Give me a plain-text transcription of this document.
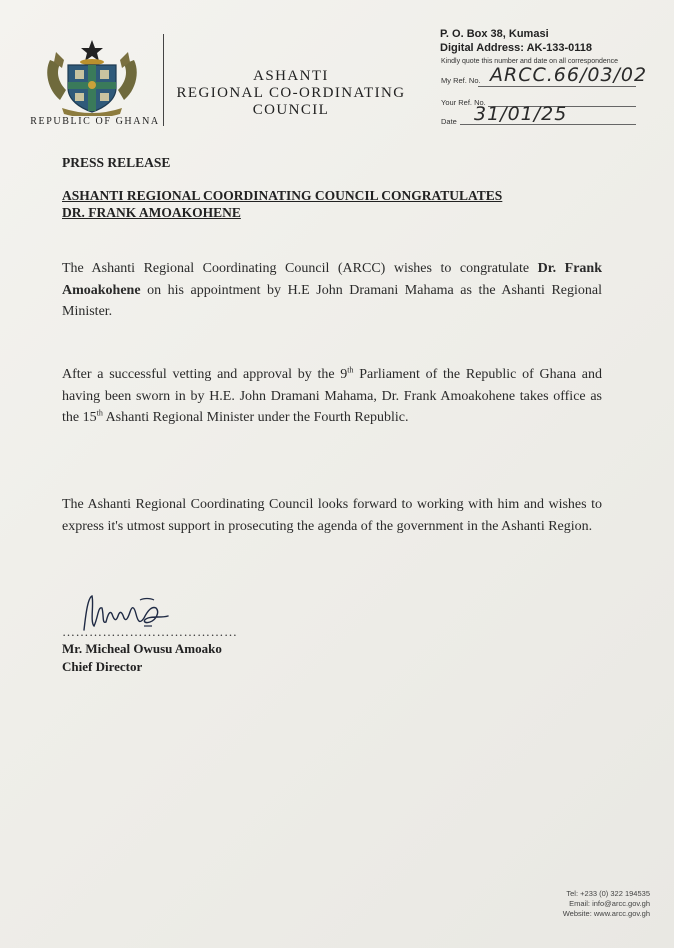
REPUBLIC OF GHANA
ASHANTI
REGIONAL CO-ORDINATING
COUNCIL
P. O. Box 38, Kumasi
Digital Address: AK-133-0118
Kindly quote this number and date on all correspondence
My Ref. No. ARCC.66/03/02
Your Ref. No.
Date 31/01/25
PRESS RELEASE
ASHANTI REGIONAL COORDINATING COUNCIL CONGRATULATES
DR. FRANK AMOAKOHENE
The Ashanti Regional Coordinating Council (ARCC) wishes to congratulate Dr. Frank Amoakohene on his appointment by H.E John Dramani Mahama as the Ashanti Regional Minister.
After a successful vetting and approval by the 9th Parliament of the Republic of Ghana and having been sworn in by H.E. John Dramani Mahama, Dr. Frank Amoakohene takes office as the 15th Ashanti Regional Minister under the Fourth Republic.
The Ashanti Regional Coordinating Council looks forward to working with him and wishes to express it's utmost support in prosecuting the agenda of the government in the Ashanti Region.
…………………………………
Mr. Micheal Owusu Amoako
Chief Director
Tel: +233 (0) 322 194535
Email: info@arcc.gov.gh
Website: www.arcc.gov.gh
